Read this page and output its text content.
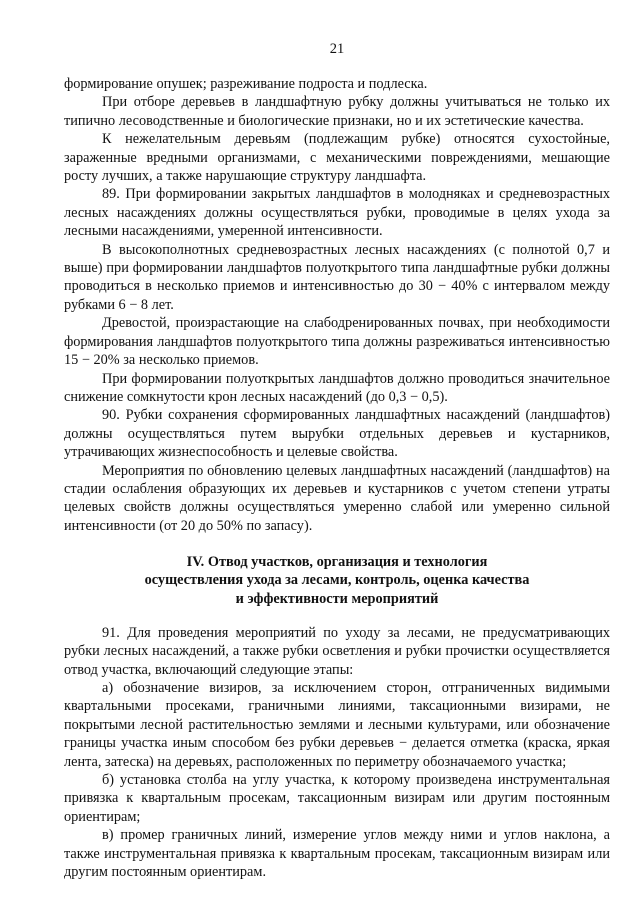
21

формирование опушек; разреживание подроста и подлеска.

При отборе деревьев в ландшафтную рубку должны учитываться не только их типично лесоводственные и биологические признаки, но и их эстетические качества.

К нежелательным деревьям (подлежащим рубке) относятся сухостойные, зараженные вредными организмами, с механическими повреждениями, мешающие росту лучших, а также нарушающие структуру ландшафта.

89. При формировании закрытых ландшафтов в молодняках и средневозрастных лесных насаждениях должны осуществляться рубки, проводимые в целях ухода за лесными насаждениями, умеренной интенсивности.

В высокополнотных средневозрастных лесных насаждениях (с полнотой 0,7 и выше) при формировании ландшафтов полуоткрытого типа ландшафтные рубки должны проводиться в несколько приемов и интенсивностью до 30 − 40% с интервалом между рубками 6 − 8 лет.

Древостой, произрастающие на слабодренированных почвах, при необходимости формирования ландшафтов полуоткрытого типа должны разреживаться интенсивностью 15 − 20% за несколько приемов.

При формировании полуоткрытых ландшафтов должно проводиться значительное снижение сомкнутости крон лесных насаждений (до 0,3 − 0,5).

90. Рубки сохранения сформированных ландшафтных насаждений (ландшафтов) должны осуществляться путем вырубки отдельных деревьев и кустарников, утрачивающих жизнеспособность и целевые свойства.

Мероприятия по обновлению целевых ландшафтных насаждений (ландшафтов) на стадии ослабления образующих их деревьев и кустарников с учетом степени утраты целевых свойств должны осуществляться умеренно слабой или умеренно сильной интенсивности (от 20 до 50% по запасу).

IV. Отвод участков, организация и технология
осуществления ухода за лесами, контроль, оценка качества
и эффективности мероприятий

91. Для проведения мероприятий по уходу за лесами, не предусматривающих рубки лесных насаждений, а также рубки осветления и рубки прочистки осуществляется отвод участка, включающий следующие этапы:

а) обозначение визиров, за исключением сторон, отграниченных видимыми квартальными просеками, граничными линиями, таксационными визирами, не покрытыми лесной растительностью землями и лесными культурами, или обозначение границы участка иным способом без рубки деревьев − делается отметка (краска, яркая лента, затеска) на деревьях, расположенных по периметру обозначаемого участка;

б) установка столба на углу участка, к которому произведена инструментальная привязка к квартальным просекам, таксационным визирам или другим постоянным ориентирам;

в) промер граничных линий, измерение углов между ними и углов наклона, а также инструментальная привязка к квартальным просекам, таксационным визирам или другим постоянным ориентирам.
